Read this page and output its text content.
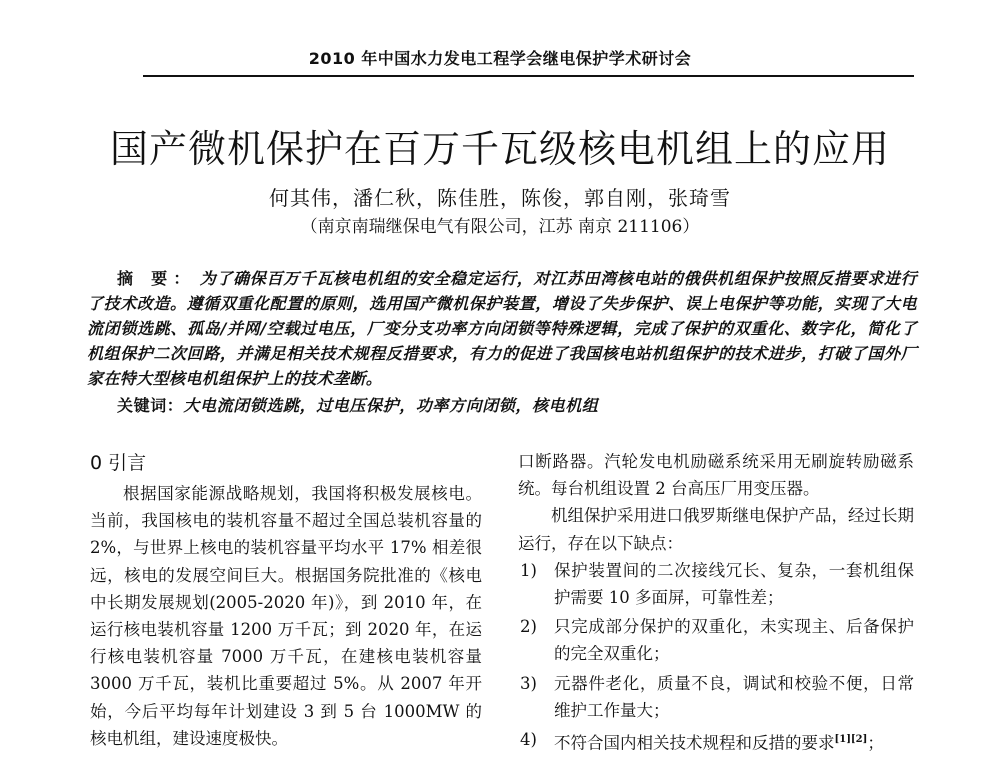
2010 年中国水力发电工程学会继电保护学术研讨会
国产微机保护在百万千瓦级核电机组上的应用
何其伟，潘仁秋，陈佳胜，陈俊，郭自刚，张琦雪
（南京南瑞继保电气有限公司，江苏 南京 211106）
摘 要： 为了确保百万千瓦核电机组的安全稳定运行，对江苏田湾核电站的俄供机组保护按照反措要求进行了技术改造。遵循双重化配置的原则，选用国产微机保护装置，增设了失步保护、误上电保护等功能，实现了大电流闭锁选跳、孤岛/并网/空载过电压，厂变分支功率方向闭锁等特殊逻辑，完成了保护的双重化、数字化，简化了机组保护二次回路，并满足相关技术规程反措要求，有力的促进了我国核电站机组保护的技术进步，打破了国外厂家在特大型核电机组保护上的技术垄断。
关键词：大电流闭锁选跳，过电压保护，功率方向闭锁，核电机组
0 引言

根据国家能源战略规划，我国将积极发展核电。当前，我国核电的装机容量不超过全国总装机容量的 2%，与世界上核电的装机容量平均水平 17% 相差很远，核电的发展空间巨大。根据国务院批准的《核电中长期发展规划(2005-2020 年)》，到 2010 年，在运行核电装机容量 1200 万千瓦；到 2020 年，在运行核电装机容量 7000 万千瓦，在建核电装机容量 3000 万千瓦，装机比重要超过 5%。从 2007 年开始，今后平均每年计划建设 3 到 5 台 1000MW 的核电机组，建设速度极快。

口断路器。汽轮发电机励磁系统采用无刷旋转励磁系统。每台机组设置 2 台高压厂用变压器。

机组保护采用进口俄罗斯继电保护产品，经过长期运行，存在以下缺点：

1) 保护装置间的二次接线冗长、复杂，一套机组保护需要 10 多面屏，可靠性差；
2) 只完成部分保护的双重化，未实现主、后备保护的完全双重化；
3) 元器件老化，质量不良，调试和校验不便，日常维护工作量大；
4) 不符合国内相关技术规程和反措的要求[1][2]；
